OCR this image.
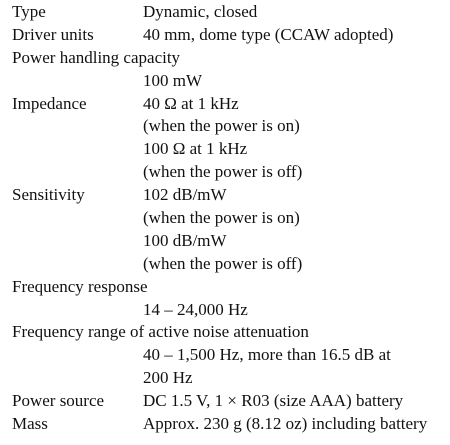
Type	Dynamic, closed
Driver units	40 mm, dome type (CCAW adopted)
Power handling capacity
100 mW
Impedance	40 Ω at 1 kHz
(when the power is on)
100 Ω at 1 kHz
(when the power is off)
Sensitivity	102 dB/mW
(when the power is on)
100 dB/mW
(when the power is off)
Frequency response
14 – 24,000 Hz
Frequency range of active noise attenuation
40 – 1,500 Hz, more than 16.5 dB at
200 Hz
Power source	DC 1.5 V, 1 × R03 (size AAA) battery
Mass	Approx. 230 g (8.12 oz) including battery
